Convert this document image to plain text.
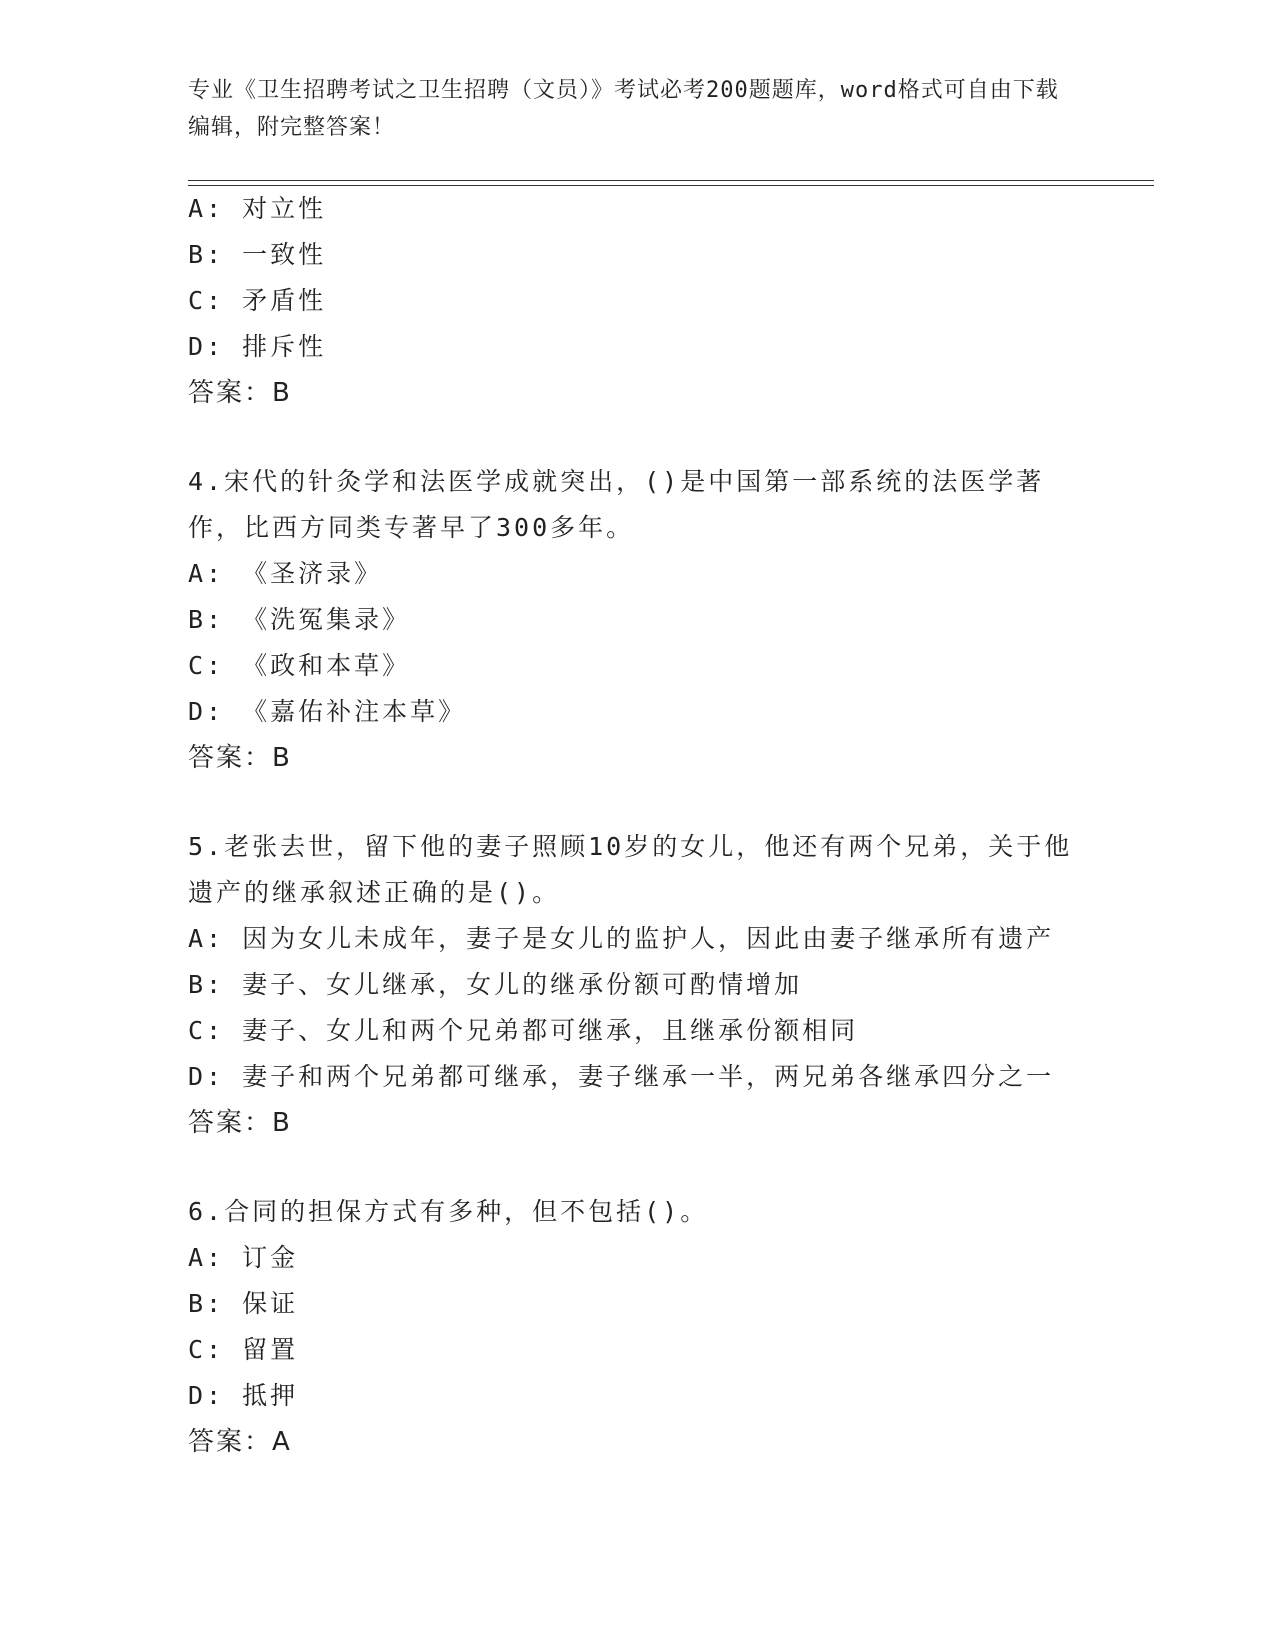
专业《卫生招聘考试之卫生招聘（文员）》考试必考200题题库，word格式可自由下载编辑，附完整答案！
A: 对立性
B: 一致性
C: 矛盾性
D: 排斥性
答案：B
4.宋代的针灸学和法医学成就突出，()是中国第一部系统的法医学著作，比西方同类专著早了300多年。
A: 《圣济录》
B: 《洗冤集录》
C: 《政和本草》
D: 《嘉佑补注本草》
答案：B
5.老张去世，留下他的妻子照顾10岁的女儿，他还有两个兄弟，关于他遗产的继承叙述正确的是()。
A: 因为女儿未成年，妻子是女儿的监护人，因此由妻子继承所有遗产
B: 妻子、女儿继承，女儿的继承份额可酌情增加
C: 妻子、女儿和两个兄弟都可继承，且继承份额相同
D: 妻子和两个兄弟都可继承，妻子继承一半，两兄弟各继承四分之一
答案：B
6.合同的担保方式有多种，但不包括()。
A: 订金
B: 保证
C: 留置
D: 抵押
答案：A
